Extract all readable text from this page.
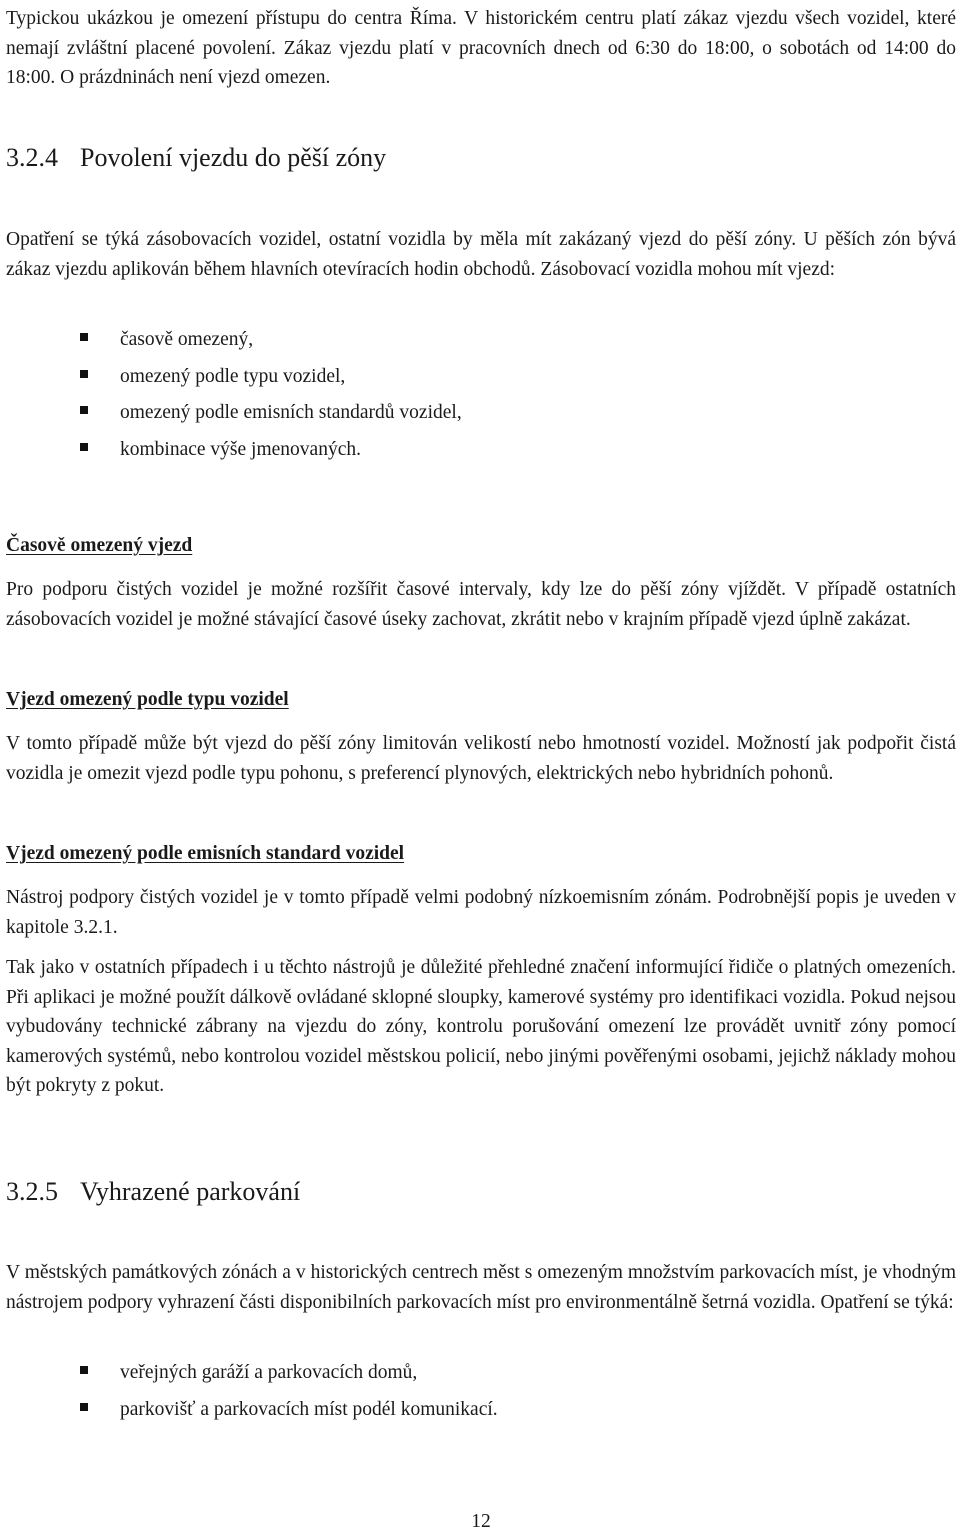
Typickou ukázkou je omezení přístupu do centra Říma. V historickém centru platí zákaz vjezdu všech vozidel, které nemají zvláštní placené povolení. Zákaz vjezdu platí v pracovních dnech od 6:30 do 18:00, o sobotách od 14:00 do 18:00. O prázdninách není vjezd omezen.

3.2.4 Povolení vjezdu do pěší zóny

Opatření se týká zásobovacích vozidel, ostatní vozidla by měla mít zakázaný vjezd do pěší zóny. U pěších zón bývá zákaz vjezdu aplikován během hlavních otevíracích hodin obchodů. Zásobovací vozidla mohou mít vjezd:

časově omezený,
omezený podle typu vozidel,
omezený podle emisních standardů vozidel,
kombinace výše jmenovaných.
Časově omezený vjezd

Pro podporu čistých vozidel je možné rozšířit časové intervaly, kdy lze do pěší zóny vjíždět. V případě ostatních zásobovacích vozidel je možné stávající časové úseky zachovat, zkrátit nebo v krajním případě vjezd úplně zakázat.

Vjezd omezený podle typu vozidel

V tomto případě může být vjezd do pěší zóny limitován velikostí nebo hmotností vozidel. Možností jak podpořit čistá vozidla je omezit vjezd podle typu pohonu, s preferencí plynových, elektrických nebo hybridních pohonů.

Vjezd omezený podle emisních standard vozidel

Nástroj podpory čistých vozidel je v tomto případě velmi podobný nízkoemisním zónám. Podrobnější popis je uveden v kapitole 3.2.1.

Tak jako v ostatních případech i u těchto nástrojů je důležité přehledné značení informující řidiče o platných omezeních. Při aplikaci je možné použít dálkově ovládané sklopné sloupky, kamerové systémy pro identifikaci vozidla. Pokud nejsou vybudovány technické zábrany na vjezdu do zóny, kontrolu porušování omezení lze provádět uvnitř zóny pomocí kamerových systémů, nebo kontrolou vozidel městskou policií, nebo jinými pověřenými osobami, jejichž náklady mohou být pokryty z pokut.

3.2.5 Vyhrazené parkování

V městských památkových zónách a v historických centrech měst s omezeným množstvím parkovacích míst, je vhodným nástrojem podpory vyhrazení části disponibilních parkovacích míst pro environmentálně šetrná vozidla. Opatření se týká:

veřejných garáží a parkovacích domů,
parkovišť a parkovacích míst podél komunikací.
12
